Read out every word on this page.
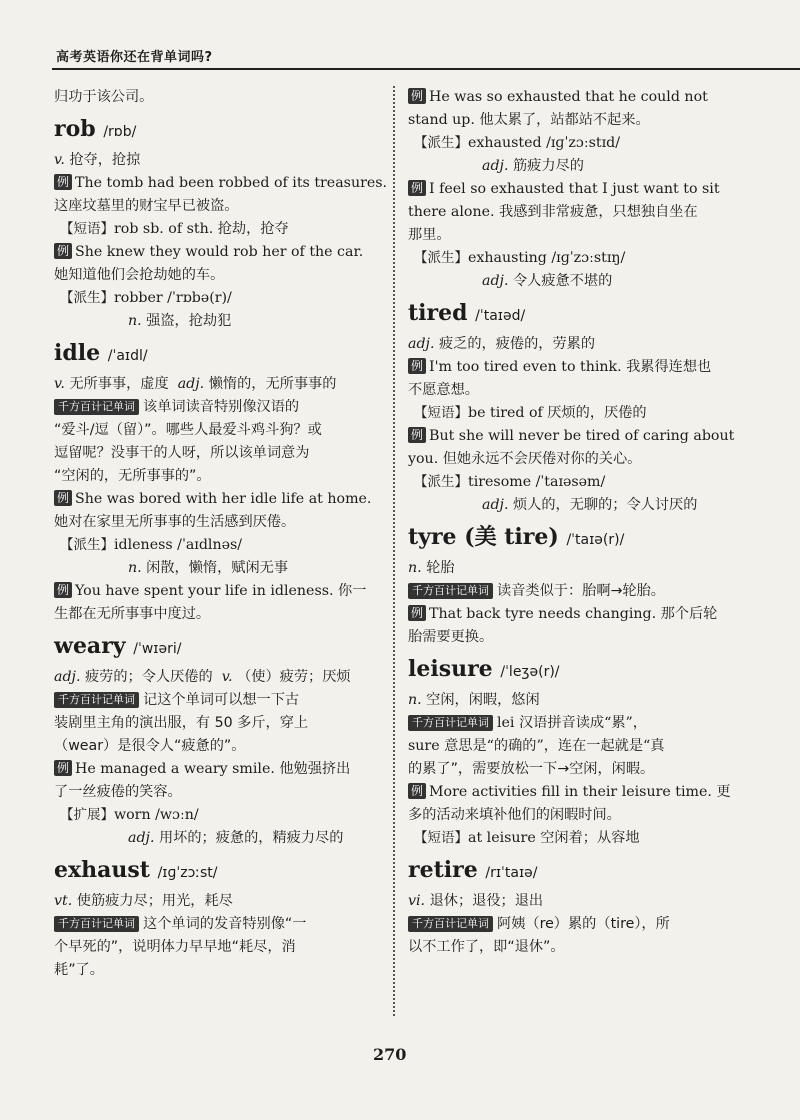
高考英语你还在背单词吗?
归功于该公司。
rob /rɒb/
v. 抢夺，抢掠
例 The tomb had been robbed of its treasures.
这座坟墓里的财宝早已被盗。
【短语】rob sb. of sth. 抢劫，抢夺
例 She knew they would rob her of the car.
她知道他们会抢劫她的车。
【派生】robber /ˈrɒbə(r)/
n. 强盗，抢劫犯
idle /ˈaɪdl/
v. 无所事事，虚度 adj. 懒惰的，无所事事的
千方百计记单词 该单词读音特别像汉语的
“爱斗/逗（留）”。哪些人最爱斗鸡斗狗？或
逗留呢？没事干的人呀，所以该单词意为
“空闲的，无所事事的”。
例 She was bored with her idle life at home.
她对在家里无所事事的生活感到厌倦。
【派生】idleness /ˈaɪdlnəs/
n. 闲散，懒惰，赋闲无事
例 You have spent your life in idleness. 你一
生都在无所事事中度过。
weary /ˈwɪəri/
adj. 疲劳的；令人厌倦的 v. （使）疲劳；厌烦
千方百计记单词 记这个单词可以想一下古
装剧里主角的演出服，有 50 多斤，穿上
（wear）是很令人“疲惫的”。
例 He managed a weary smile. 他勉强挤出
了一丝疲倦的笑容。
【扩展】worn /wɔːn/
adj. 用坏的；疲惫的，精疲力尽的
exhaust /ɪɡˈzɔːst/
vt. 使筋疲力尽；用光，耗尽
千方百计记单词 这个单词的发音特别像“一
个早死的”，说明体力早早地“耗尽，消
耗”了。
例 He was so exhausted that he could not
stand up. 他太累了，站都站不起来。
【派生】exhausted /ɪɡˈzɔːstɪd/
adj. 筋疲力尽的
例 I feel so exhausted that I just want to sit
there alone. 我感到非常疲惫，只想独自坐在
那里。
【派生】exhausting /ɪɡˈzɔːstɪŋ/
adj. 令人疲惫不堪的
tired /ˈtaɪəd/
adj. 疲乏的，疲倦的，劳累的
例 I'm too tired even to think. 我累得连想也
不愿意想。
【短语】be tired of 厌烦的，厌倦的
例 But she will never be tired of caring about
you. 但她永远不会厌倦对你的关心。
【派生】tiresome /ˈtaɪəsəm/
adj. 烦人的，无聊的；令人讨厌的
tyre (美 tire) /ˈtaɪə(r)/
n. 轮胎
千方百计记单词 读音类似于：胎啊→轮胎。
例 That back tyre needs changing. 那个后轮
胎需要更换。
leisure /ˈleʒə(r)/
n. 空闲，闲暇，悠闲
千方百计记单词 lei 汉语拼音读成“累”，
sure 意思是“的确的”，连在一起就是“真
的累了”，需要放松一下→空闲，闲暇。
例 More activities fill in their leisure time. 更
多的活动来填补他们的闲暇时间。
【短语】at leisure 空闲着；从容地
retire /rɪˈtaɪə/
vi. 退休；退役；退出
千方百计记单词 阿姨（re）累的（tire），所
以不工作了，即“退休”。
270
